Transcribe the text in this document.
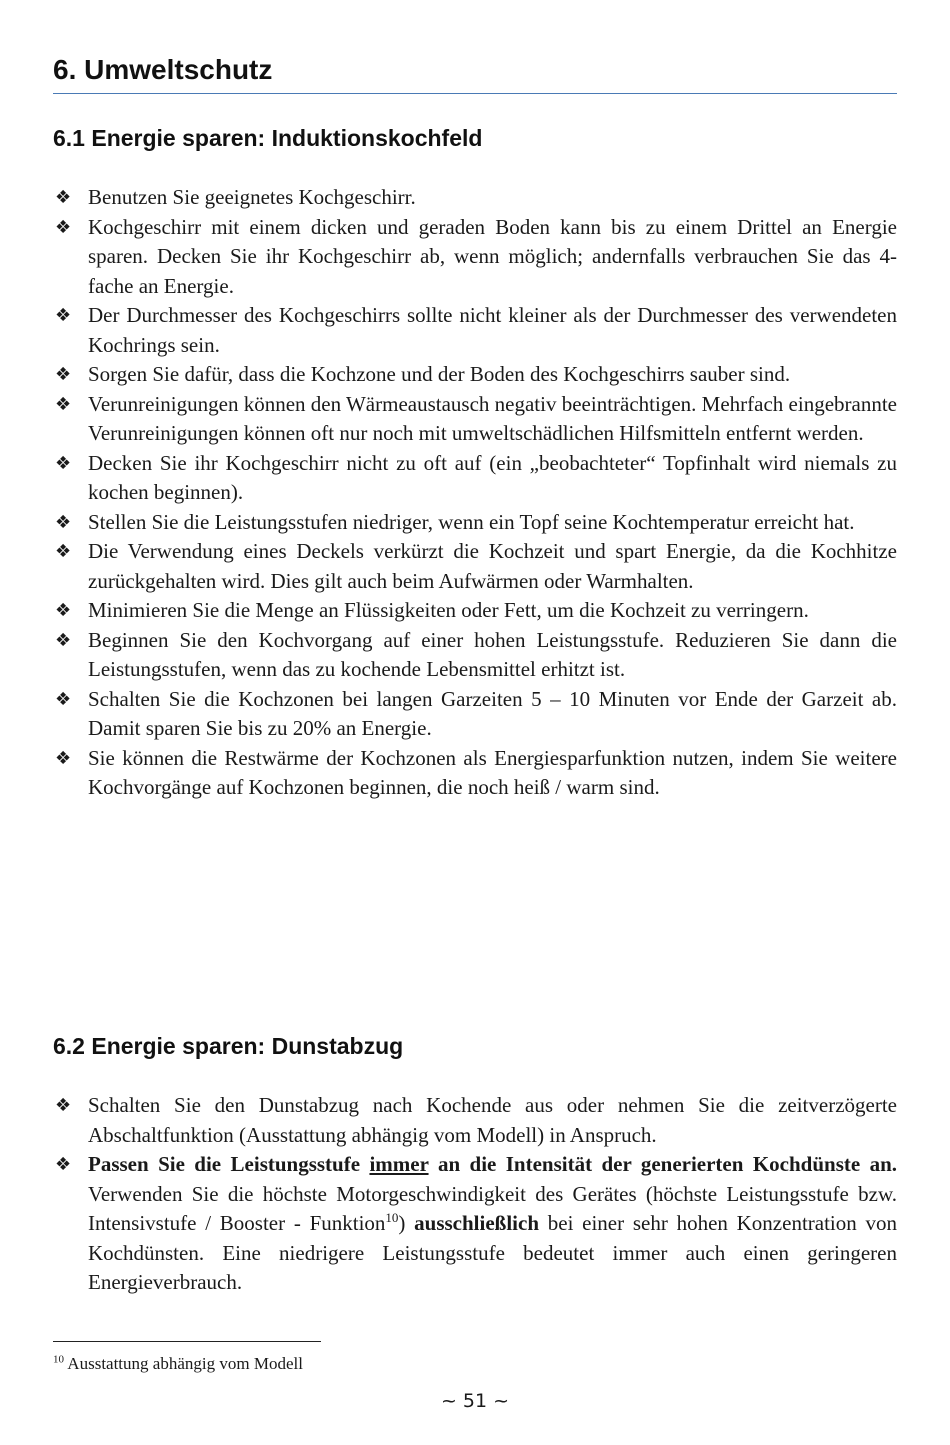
6. Umweltschutz
6.1 Energie sparen: Induktionskochfeld
❖ Benutzen Sie geeignetes Kochgeschirr.
❖ Kochgeschirr mit einem dicken und geraden Boden kann bis zu einem Drittel an Energie sparen. Decken Sie ihr Kochgeschirr ab, wenn möglich; andernfalls verbrauchen Sie das 4-fache an Energie.
❖ Der Durchmesser des Kochgeschirrs sollte nicht kleiner als der Durchmesser des verwendeten Kochrings sein.
❖ Sorgen Sie dafür, dass die Kochzone und der Boden des Kochgeschirrs sauber sind.
❖ Verunreinigungen können den Wärmeaustausch negativ beeinträchtigen. Mehrfach eingebrannte Verunreinigungen können oft nur noch mit umweltschädlichen Hilfsmitteln entfernt werden.
❖ Decken Sie ihr Kochgeschirr nicht zu oft auf (ein „beobachteter“ Topfinhalt wird niemals zu kochen beginnen).
❖ Stellen Sie die Leistungsstufen niedriger, wenn ein Topf seine Kochtemperatur erreicht hat.
❖ Die Verwendung eines Deckels verkürzt die Kochzeit und spart Energie, da die Kochhitze zurückgehalten wird. Dies gilt auch beim Aufwärmen oder Warmhalten.
❖ Minimieren Sie die Menge an Flüssigkeiten oder Fett, um die Kochzeit zu verringern.
❖ Beginnen Sie den Kochvorgang auf einer hohen Leistungsstufe. Reduzieren Sie dann die Leistungsstufen, wenn das zu kochende Lebensmittel erhitzt ist.
❖ Schalten Sie die Kochzonen bei langen Garzeiten 5 – 10 Minuten vor Ende der Garzeit ab. Damit sparen Sie bis zu 20% an Energie.
❖ Sie können die Restwärme der Kochzonen als Energiesparfunktion nutzen, indem Sie weitere Kochvorgänge auf Kochzonen beginnen, die noch heiß / warm sind.
6.2 Energie sparen: Dunstabzug
❖ Schalten Sie den Dunstabzug nach Kochende aus oder nehmen Sie die zeitverzögerte Abschaltfunktion (Ausstattung abhängig vom Modell) in Anspruch.
❖ Passen Sie die Leistungsstufe immer an die Intensität der generierten Kochdünste an. Verwenden Sie die höchste Motorgeschwindigkeit des Gerätes (höchste Leistungsstufe bzw. Intensivstufe / Booster - Funktion$^{10}$) ausschließlich bei einer sehr hohen Konzentration von Kochdünsten. Eine niedrigere Leistungsstufe bedeutet immer auch einen geringeren Energieverbrauch.
$^{10}$ Ausstattung abhängig vom Modell
~ 51 ~
